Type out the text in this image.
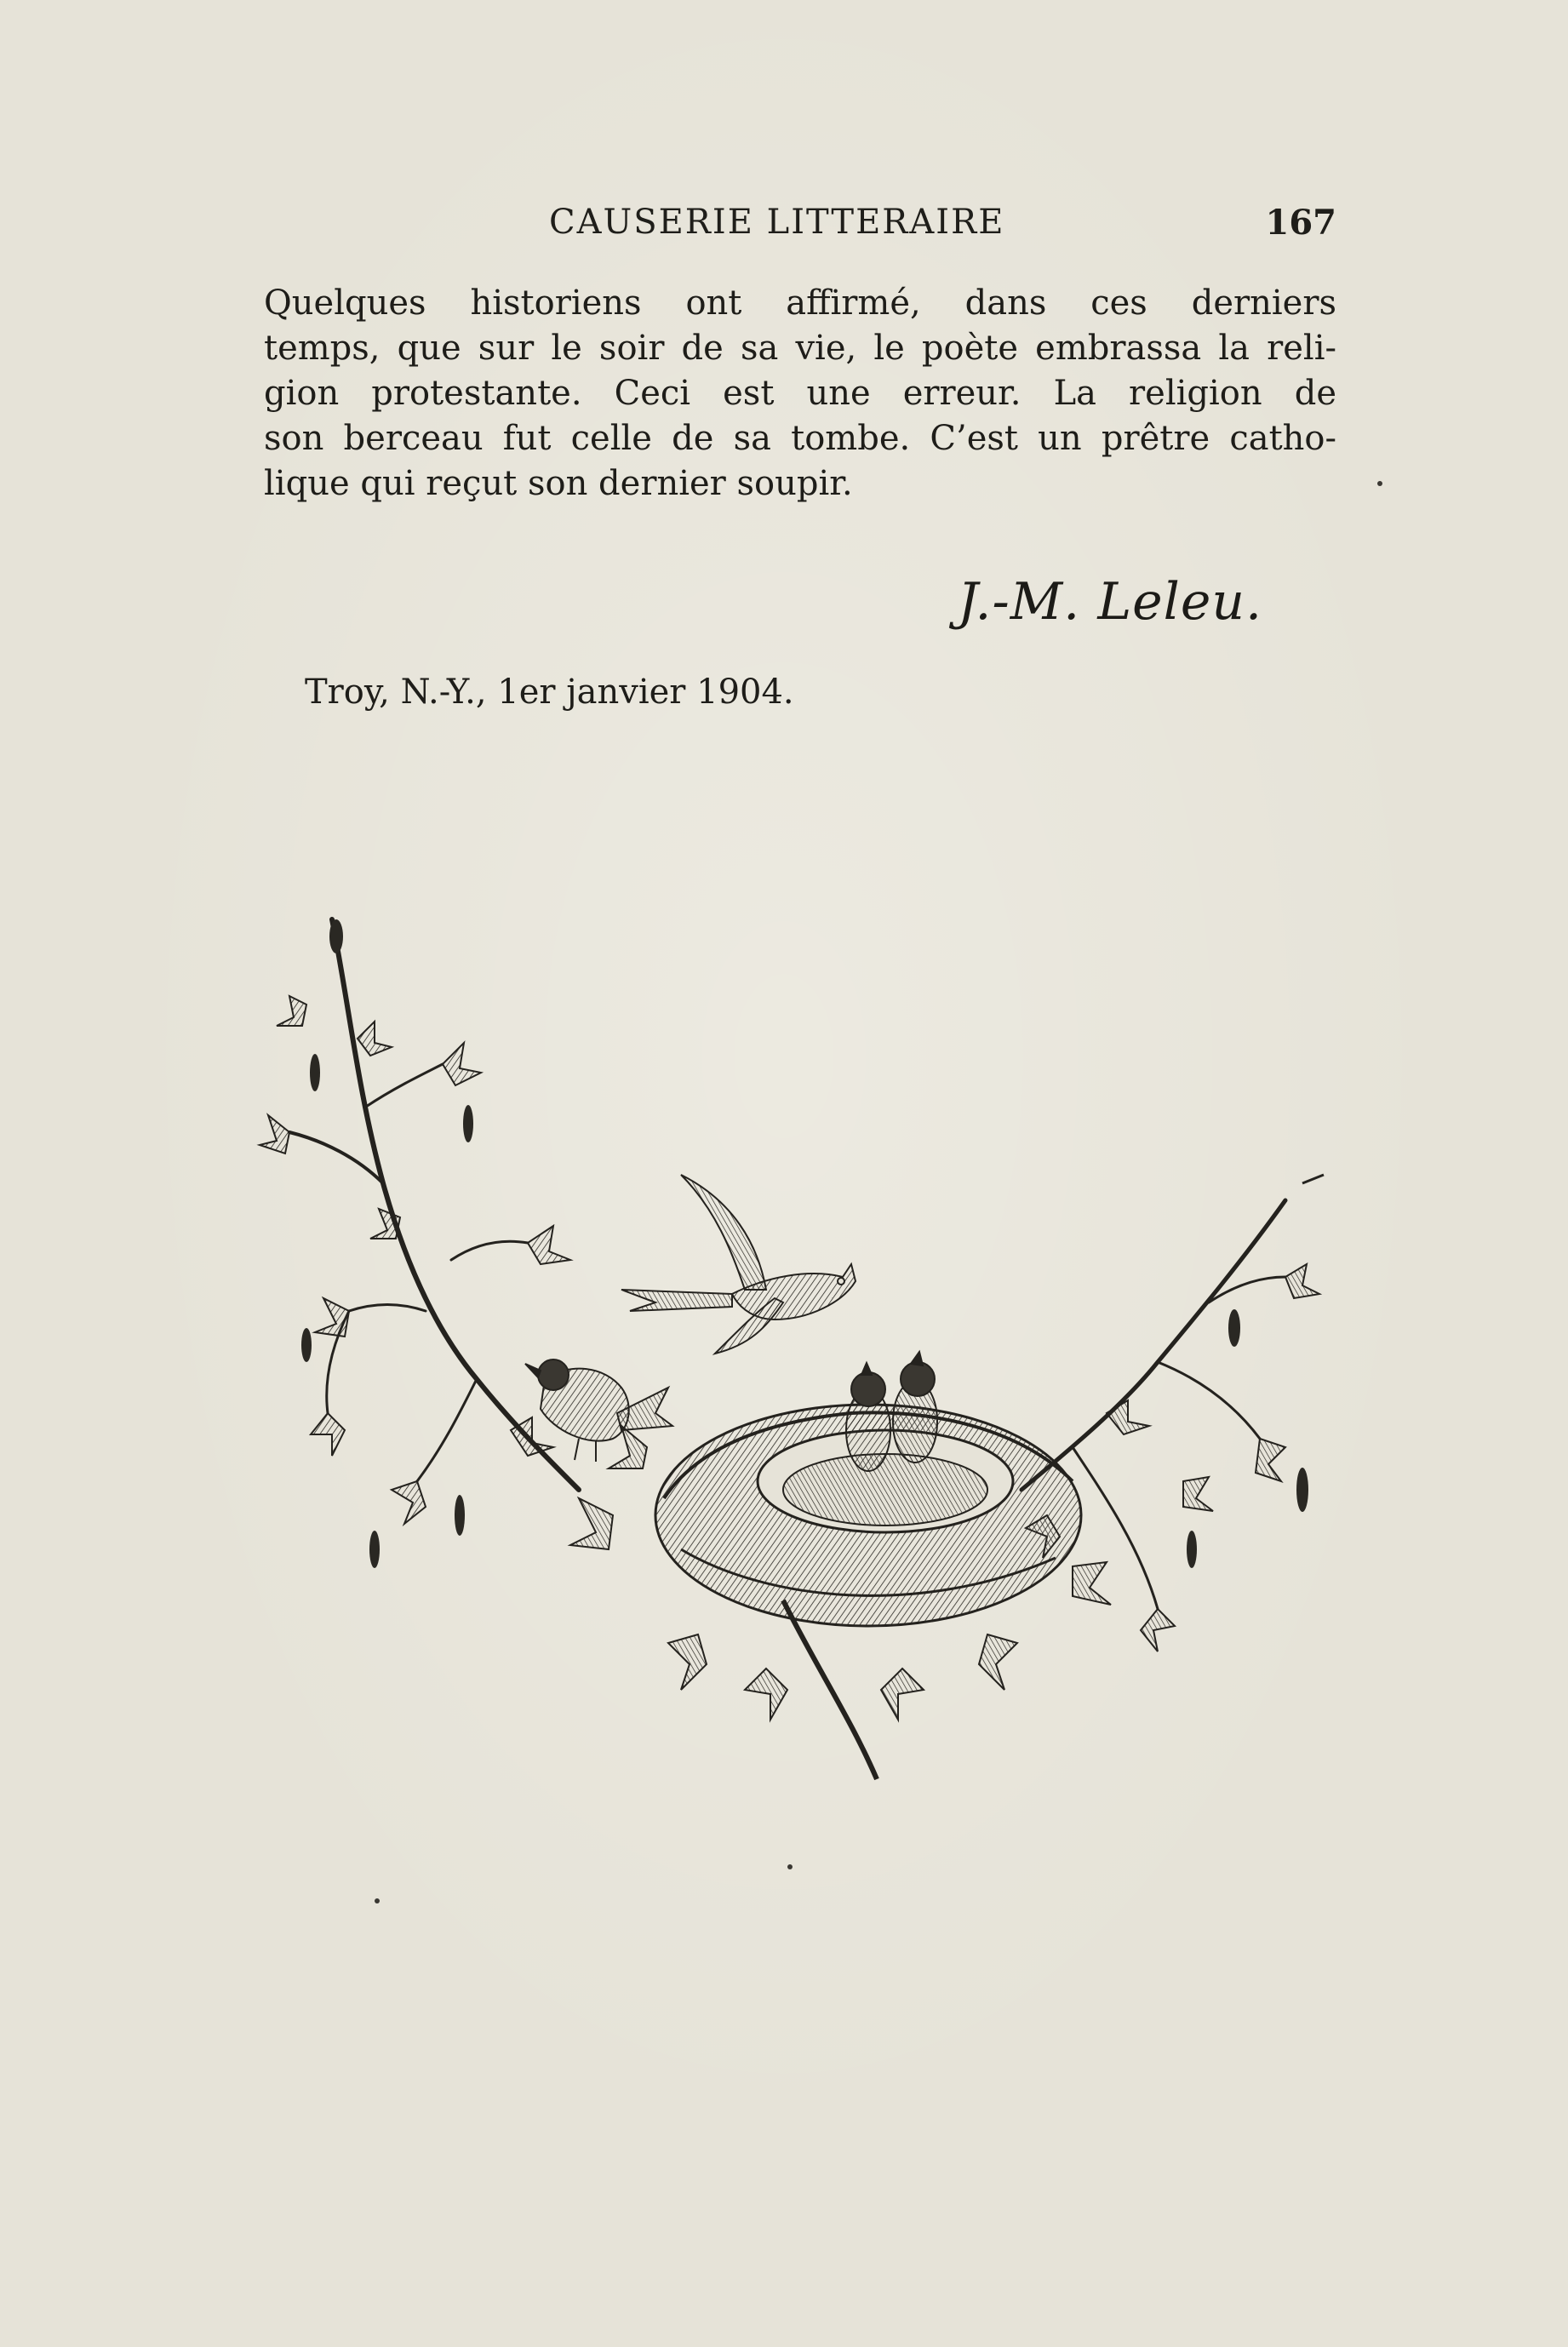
CAUSERIE LITTERAIRE	167
Quelques historiens ont affirmé, dans ces derniers
temps, que sur le soir de sa vie, le poète embrassa la reli-
gion protestante. Ceci est une erreur. La religion de
son berceau fut celle de sa tombe. C’est un prêtre catho-
lique qui reçut son dernier soupir.
J.-M. Leleu.
Troy, N.-Y., 1er janvier 1904.
